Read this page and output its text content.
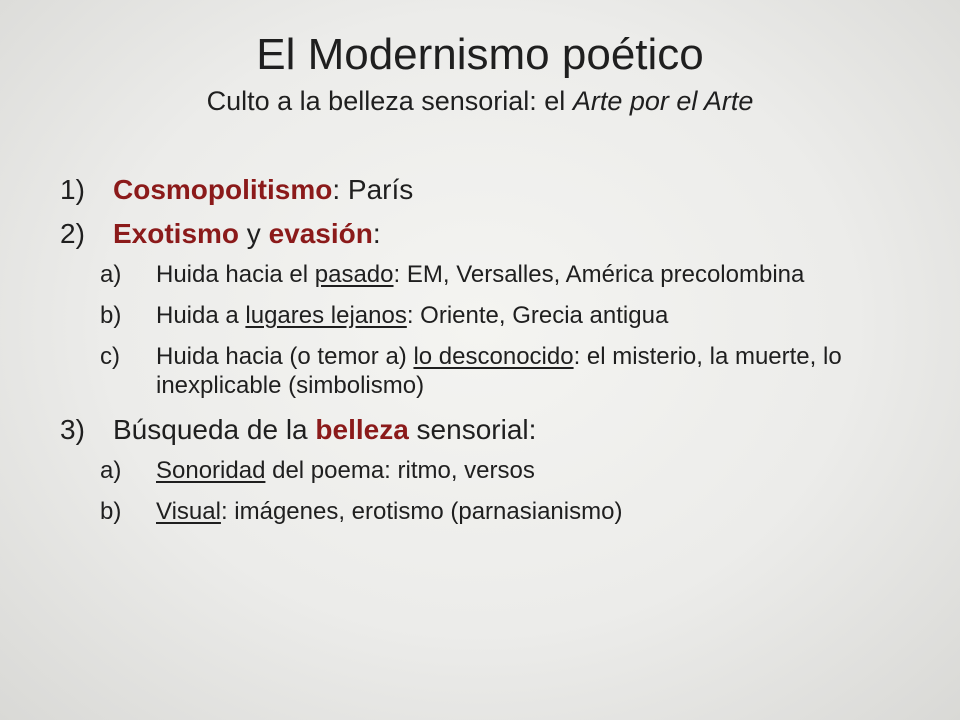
El Modernismo poético
Culto a la belleza sensorial: el Arte por el Arte
1) Cosmopolitismo: París
2) Exotismo y evasión:
a) Huida hacia el pasado: EM, Versalles, América precolombina
b) Huida a lugares lejanos: Oriente, Grecia antigua
c) Huida hacia (o temor a) lo desconocido: el misterio, la muerte, lo inexplicable (simbolismo)
3) Búsqueda de la belleza sensorial:
a) Sonoridad del poema: ritmo, versos
b) Visual: imágenes, erotismo (parnasianismo)
